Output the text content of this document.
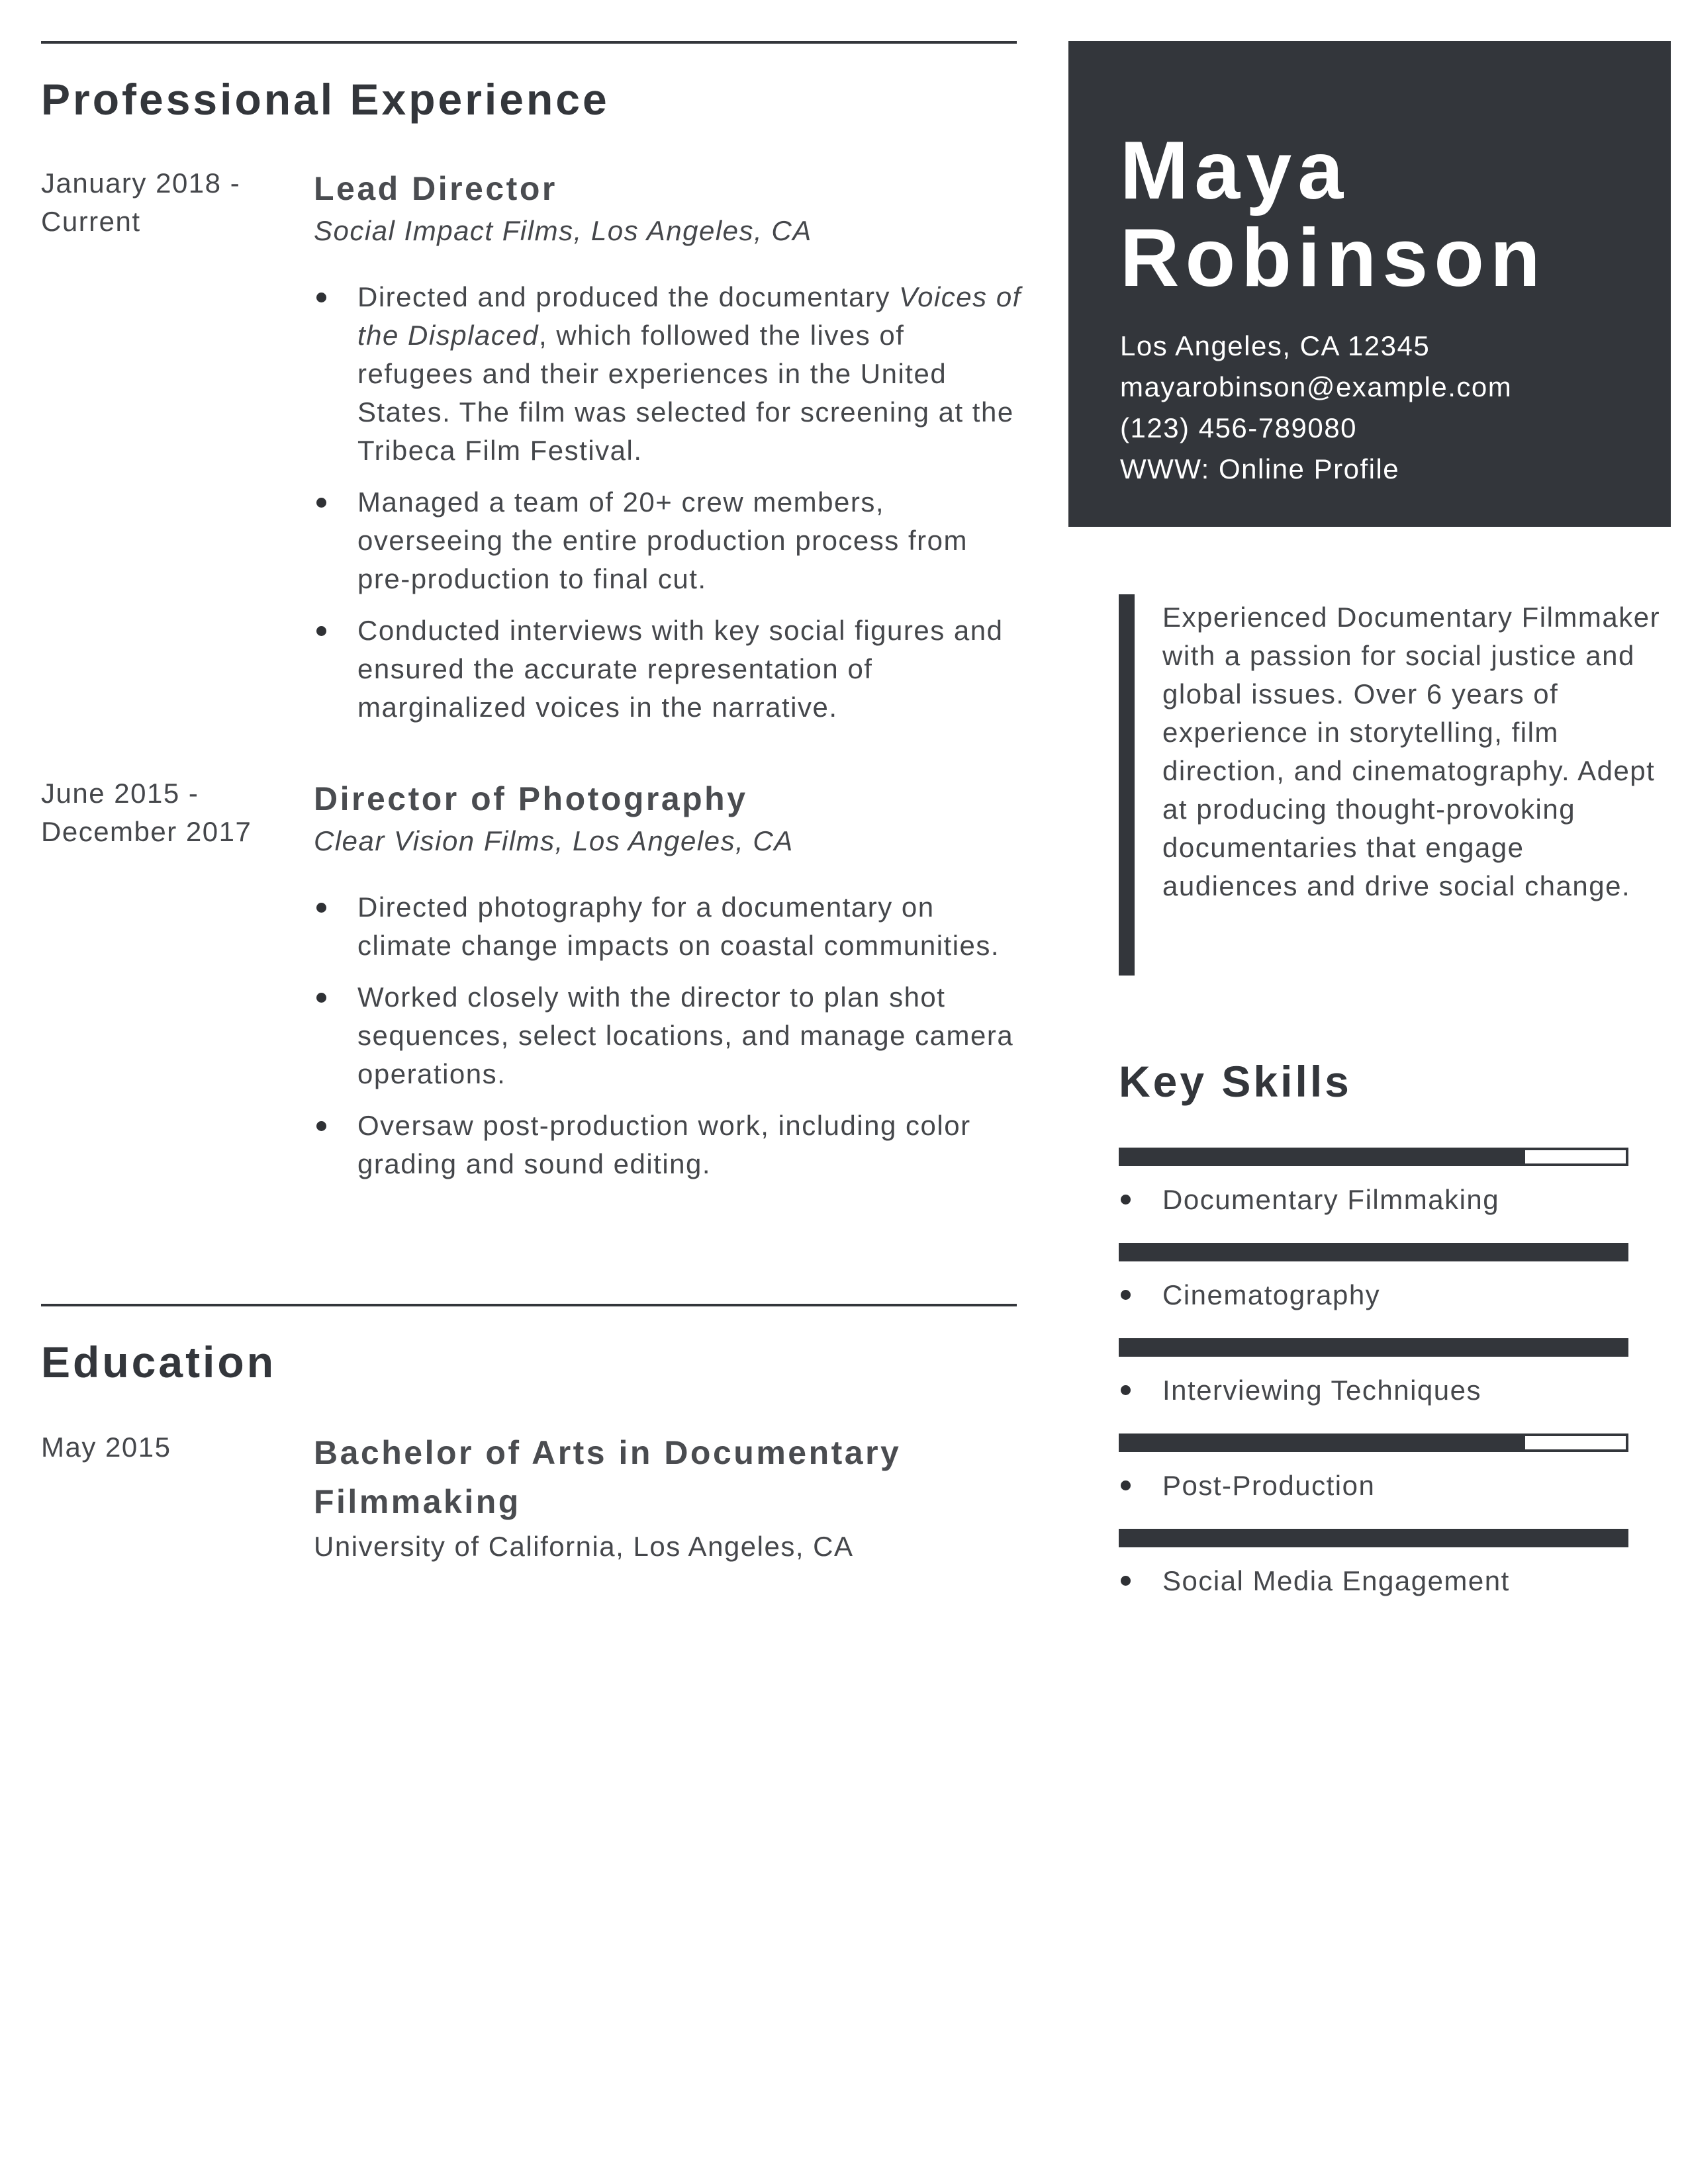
Professional Experience
January 2018 -
Current
Lead Director
Social Impact Films, Los Angeles, CA
Directed and produced the documentary Voices of the Displaced, which followed the lives of refugees and their experiences in the United States. The film was selected for screening at the Tribeca Film Festival.
Managed a team of 20+ crew members, overseeing the entire production process from pre-production to final cut.
Conducted interviews with key social figures and ensured the accurate representation of marginalized voices in the narrative.
June 2015 -
December 2017
Director of Photography
Clear Vision Films, Los Angeles, CA
Directed photography for a documentary on climate change impacts on coastal communities.
Worked closely with the director to plan shot sequences, select locations, and manage camera operations.
Oversaw post-production work, including color grading and sound editing.
Education
May 2015	Bachelor of Arts in Documentary Filmmaking
University of California, Los Angeles, CA
Maya
Robinson
Los Angeles, CA 12345
mayarobinson@example.com
(123) 456-789080
WWW: Online Profile
Experienced Documentary Filmmaker with a passion for social justice and global issues. Over 6 years of experience in storytelling, film direction, and cinematography. Adept at producing thought-provoking documentaries that engage audiences and drive social change.
Key Skills
Documentary Filmmaking
Cinematography
Interviewing Techniques
Post-Production
Social Media Engagement
